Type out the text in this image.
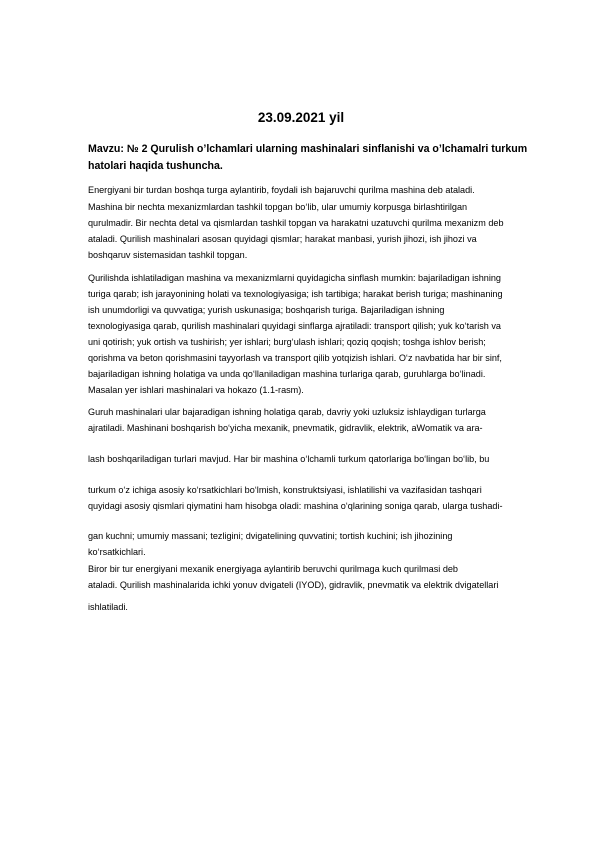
23.09.2021 yil

Mavzu: № 2 Qurulish o’lchamlari ularning mashinalari sinflanishi va o’lchamalri turkum hatolari haqida tushuncha.

Energiyani bir turdan boshqa turga aylantirib, foydali ish bajaruvchi qurilma mashina deb ataladi.

Mashina bir nechta mexanizmlardan tashkil topgan bo‘lib, ular umumiy korpusga birlashtirilgan

qurulmadir. Bir nechta detal va qismlardan tashkil topgan va harakatni uzatuvchi qurilma mexanizm deb

ataladi. Qurilish mashinalari asosan quyidagi qismlar; harakat manbasi, yurish jihozi, ish jihozi va

boshqaruv sistemasidan tashkil topgan.

Qurilishda ishlatiladigan mashina va mexanizmlarni quyidagicha sinflash mumkin: bajariladigan ishning

turiga qarab; ish jarayonining holati va texnologiyasiga; ish tartibiga; harakat berish turiga; mashinaning

ish unumdorligi va quvvatiga; yurish uskunasiga; boshqarish turiga. Bajariladigan ishning

texnologiyasiga qarab, qurilish mashinalari quyidagi sinflarga ajratiladi: transport qilish; yuk ko‘tarish va

uni qotirish; yuk ortish va tushirish; yer ishlari; burg‘ulash ishlari; qoziq qoqish; toshga ishlov berish;

qorishma va beton qorishmasini tayyorlash va transport qilib yotqizish ishlari. O‘z navbatida har bir sinf,

bajariladigan ishning holatiga va unda qo‘llaniladigan mashina turlariga qarab, guruhlarga bo‘linadi.

Masalan yer ishlari mashinalari va hokazo (1.1-rasm).

Guruh mashinalari ular bajaradigan ishning holatiga qarab, davriy yoki uzluksiz ishlaydigan turlarga

ajratiladi. Mashinani boshqarish bo‘yicha mexanik, pnevmatik, gidravlik, elektrik, aWomatik va ara-

lash boshqariladigan turlari mavjud. Har bir mashina o‘lchamli turkum qatorlariga bo‘lingan bo‘lib, bu

turkum o‘z ichiga asosiy ko‘rsatkichlari bo‘lmish, konstruktsiyasi, ishlatilishi va vazifasidan tashqari

quyidagi asosiy qismlari qiymatini ham hisobga oladi: mashina o‘qlarining soniga qarab, ularga tushadi-

gan kuchni; umumiy massani; tezligini; dvigatelining quvvatini; tortish kuchini; ish jihozining

ko‘rsatkichlari.

Biror bir tur energiyani mexanik energiyaga aylantirib beruvchi qurilmaga kuch qurilmasi deb

ataladi. Qurilish mashinalarida ichki yonuv dvigateli (IYOD), gidravlik, pnevmatik va elektrik dvigatellari

ishlatiladi.
